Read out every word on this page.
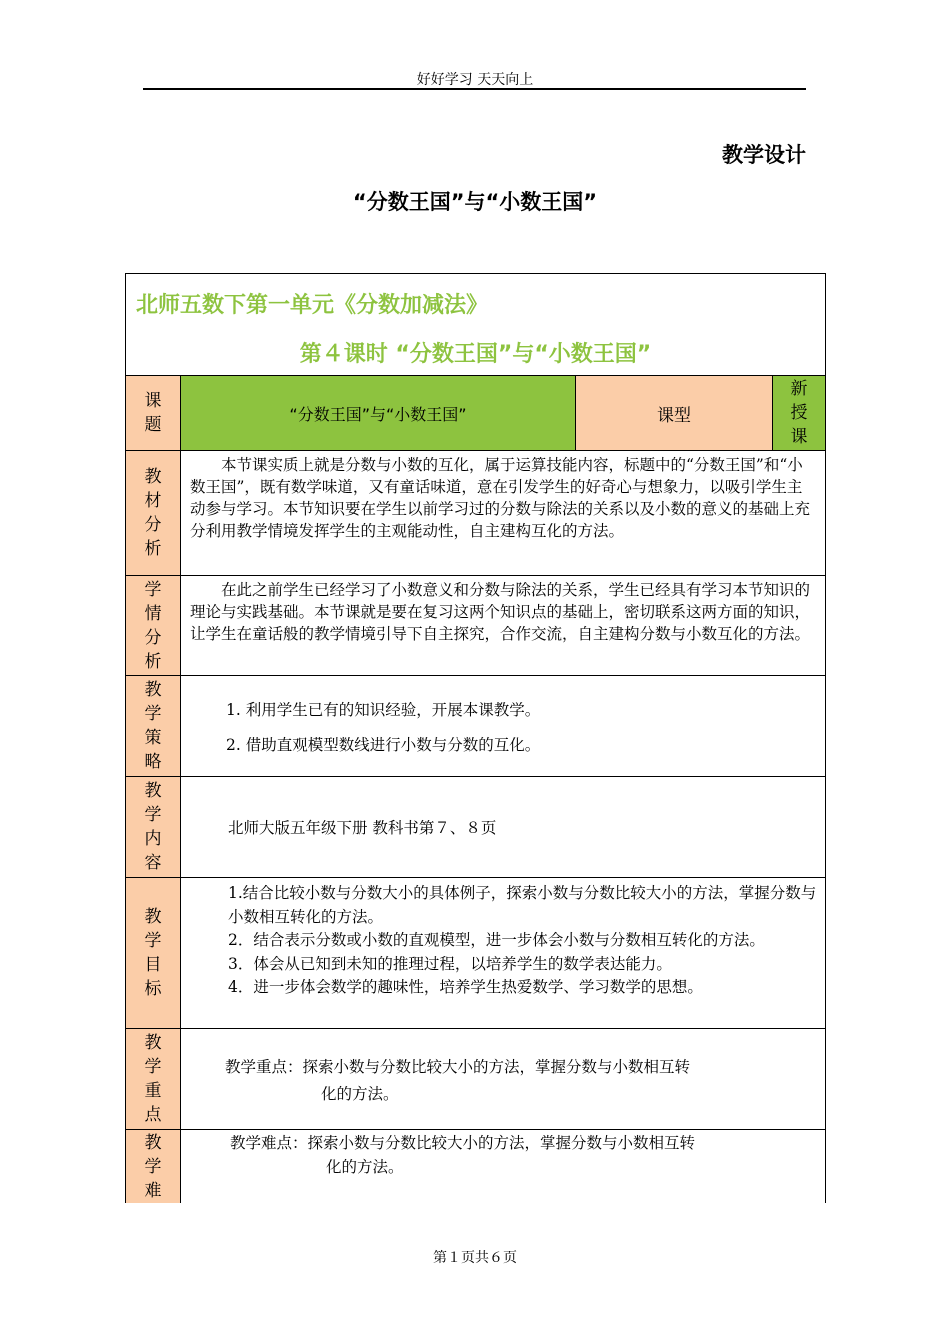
好好学习 天天向上
教学设计
“分数王国”与“小数王国”
北师五数下第一单元《分数加减法》
第４课时 “分数王国”与“小数王国”
课
题
“分数王国”与“小数王国”	课型
新
授
课
教
材
分
析
本节课实质上就是分数与小数的互化，属于运算技能内容，标题中的“分数王国”和“小数王国”，既有数学味道，又有童话味道，意在引发学生的好奇心与想象力，以吸引学生主动参与学习。本节知识要在学生以前学习过的分数与除法的关系以及小数的意义的基础上充分利用教学情境发挥学生的主观能动性，自主建构互化的方法。
学
情
分
析
在此之前学生已经学习了小数意义和分数与除法的关系，学生已经具有学习本节知识的理论与实践基础。本节课就是要在复习这两个知识点的基础上，密切联系这两方面的知识，让学生在童话般的教学情境引导下自主探究，合作交流，自主建构分数与小数互化的方法。
教
学
策
略
1. 利用学生已有的知识经验，开展本课教学。
2. 借助直观模型数线进行小数与分数的互化。
教
学
内
容
北师大版五年级下册 教科书第７、８页
教
学
目
标
1.结合比较小数与分数大小的具体例子，探索小数与分数比较大小的方法，掌握分数与小数相互转化的方法。
2．结合表示分数或小数的直观模型，进一步体会小数与分数相互转化的方法。
3．体会从已知到未知的推理过程，以培养学生的数学表达能力。
4．进一步体会数学的趣味性，培养学生热爱数学、学习数学的思想。
教
学
重
点
教学重点：探索小数与分数比较大小的方法，掌握分数与小数相互转
化的方法。
教
学
难
教学难点：探索小数与分数比较大小的方法，掌握分数与小数相互转
化的方法。
第１页共６页
